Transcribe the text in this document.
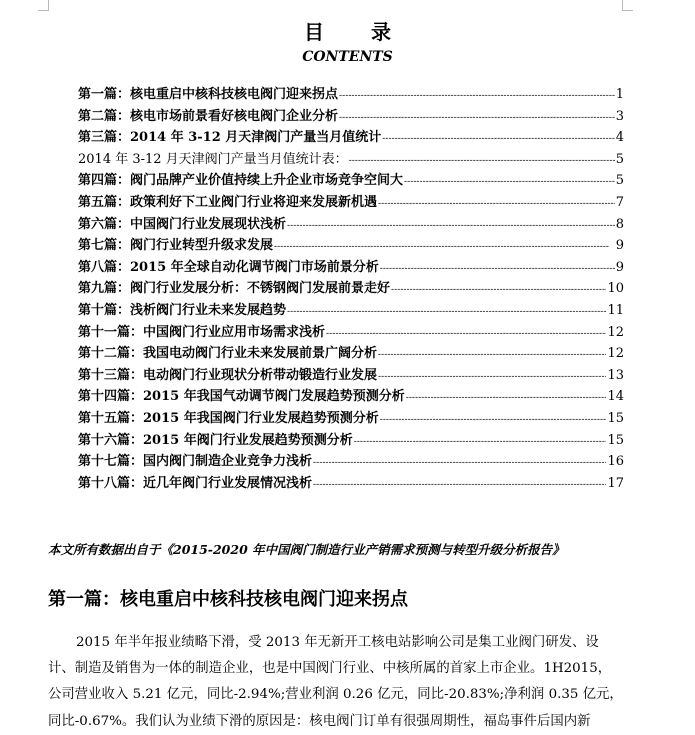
目 录
CONTENTS
第一篇：核电重启中核科技核电阀门迎来拐点 - - -	1
第二篇：核电市场前景看好核电阀门企业分析 - - -	3
第三篇：2014 年 3-12 月天津阀门产量当月值统计 - - -	4
2014 年 3-12 月天津阀门产量当月值统计表： - - -	5
第四篇：阀门品牌产业价值持续上升企业市场竞争空间大 - - -	5
第五篇：政策利好下工业阀门行业将迎来发展新机遇 - - -	7
第六篇：中国阀门行业发展现状浅析 - - -	8
第七篇：阀门行业转型升级求发展 - - -	9
第八篇：2015 年全球自动化调节阀门市场前景分析 - - -	9
第九篇：阀门行业发展分析：不锈钢阀门发展前景走好 - - -	10
第十篇：浅析阀门行业未来发展趋势 - - -	11
第十一篇：中国阀门行业应用市场需求浅析 - - -	12
第十二篇：我国电动阀门行业未来发展前景广阔分析 - - -	12
第十三篇：电动阀门行业现状分析带动锻造行业发展 - - -	13
第十四篇：2015 年我国气动调节阀门发展趋势预测分析 - - -	14
第十五篇：2015 年我国阀门行业发展趋势预测分析 - - -	15
第十六篇：2015 年阀门行业发展趋势预测分析 - - -	15
第十七篇：国内阀门制造企业竞争力浅析 - - -	16
第十八篇：近几年阀门行业发展情况浅析 - - -	17
本文所有数据出自于《2015-2020 年中国阀门制造行业产销需求预测与转型升级分析报告》
第一篇：核电重启中核科技核电阀门迎来拐点
2015 年半年报业绩略下滑，受 2013 年无新开工核电站影响公司是集工业阀门研发、设
计、制造及销售为一体的制造企业，也是中国阀门行业、中核所属的首家上市企业。1H2015，
公司营业收入 5.21 亿元，同比-2.94%;营业利润 0.26 亿元，同比-20.83%;净利润 0.35 亿元，
同比-0.67%。我们认为业绩下滑的原因是：核电阀门订单有很强周期性，福岛事件后国内新
